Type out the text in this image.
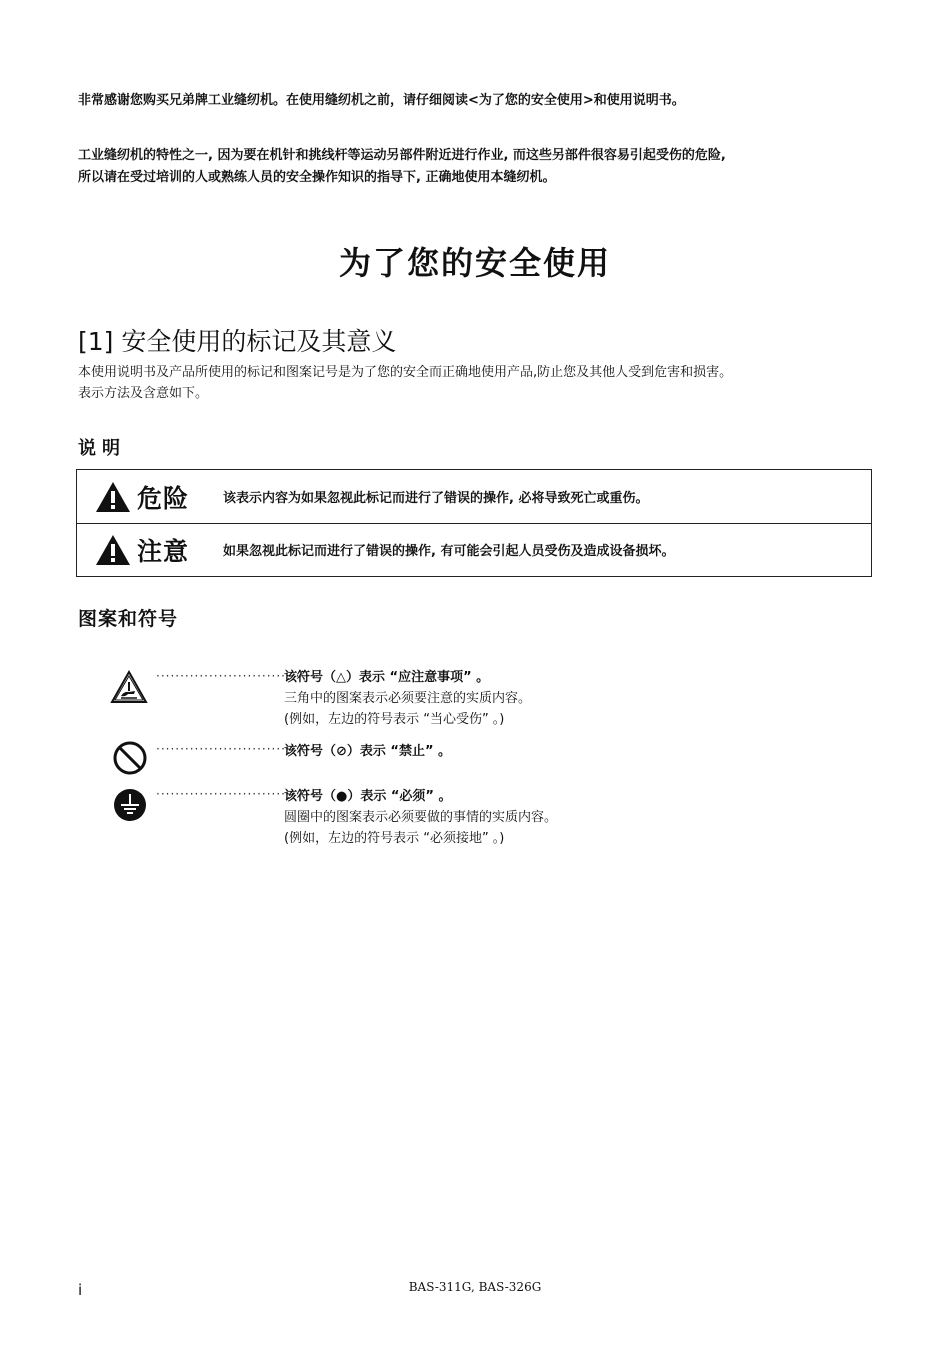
非常感谢您购买兄弟牌工业缝纫机。在使用缝纫机之前，请仔细阅读<为了您的安全使用>和使用说明书。
工业缝纫机的特性之一, 因为要在机针和挑线杆等运动另部件附近进行作业, 而这些另部件很容易引起受伤的危险,
所以请在受过培训的人或熟练人员的安全操作知识的指导下, 正确地使用本缝纫机。
为了您的安全使用
[1] 安全使用的标记及其意义
本使用说明书及产品所使用的标记和图案记号是为了您的安全而正确地使用产品,防止您及其他人受到危害和损害。
表示方法及含意如下。
说明
危险	该表示内容为如果忽视此标记而进行了错误的操作, 必将导致死亡或重伤。
注意	如果忽视此标记而进行了错误的操作, 有可能会引起人员受伤及造成设备损坏。
图案和符号
··································
该符号（△）表示 “应注意事项” 。
三角中的图案表示必须要注意的实质内容。
(例如，左边的符号表示 “当心受伤” 。)
··································
该符号（⊘）表示 “禁止” 。
··································
该符号（●）表示 “必须” 。
圆圈中的图案表示必须要做的事情的实质内容。
(例如，左边的符号表示 “必须接地” 。)
i	BAS-311G, BAS-326G
